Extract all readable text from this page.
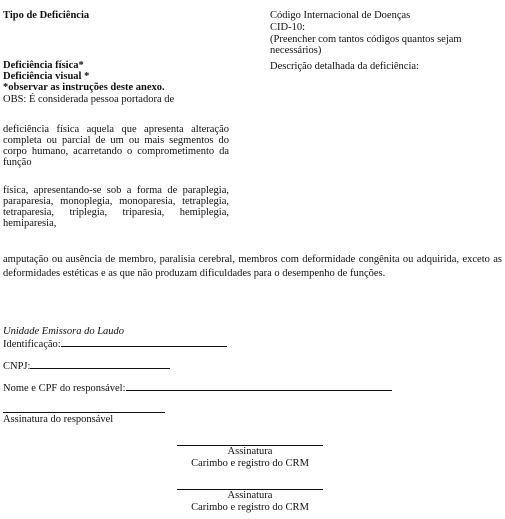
Tipo de Deficiência

Deficiência física*

Deficiência visual *

*observar as instruções deste anexo.

OBS: É considerada pessoa portadora de

deficiência física aquela que apresenta alteração completa ou parcial de um ou mais segmentos do corpo humano, acarretando o comprometimento da função

física, apresentando-se sob a forma de paraplegia, paraparesia, monoplegia, monoparesia, tetraplegia, tetraparesia, triplegia, triparesia, hemiplegia, hemiparesia,

Código Internacional de Doenças

CID-10:

(Preencher com tantos códigos quantos sejam necessários)

Descrição detalhada da deficiência:

amputação ou ausência de membro, paralisia cerebral, membros com deformidade congênita ou adquirida, exceto as deformidades estéticas e as que não produzam dificuldades para o desempenho de funções.

Unidade Emissora do Laudo

Identificação:
CNPJ:
Nome e CPF do responsável:

Assinatura do responsável

Assinatura

Carimbo e registro do CRM

Assinatura

Carimbo e registro do CRM
